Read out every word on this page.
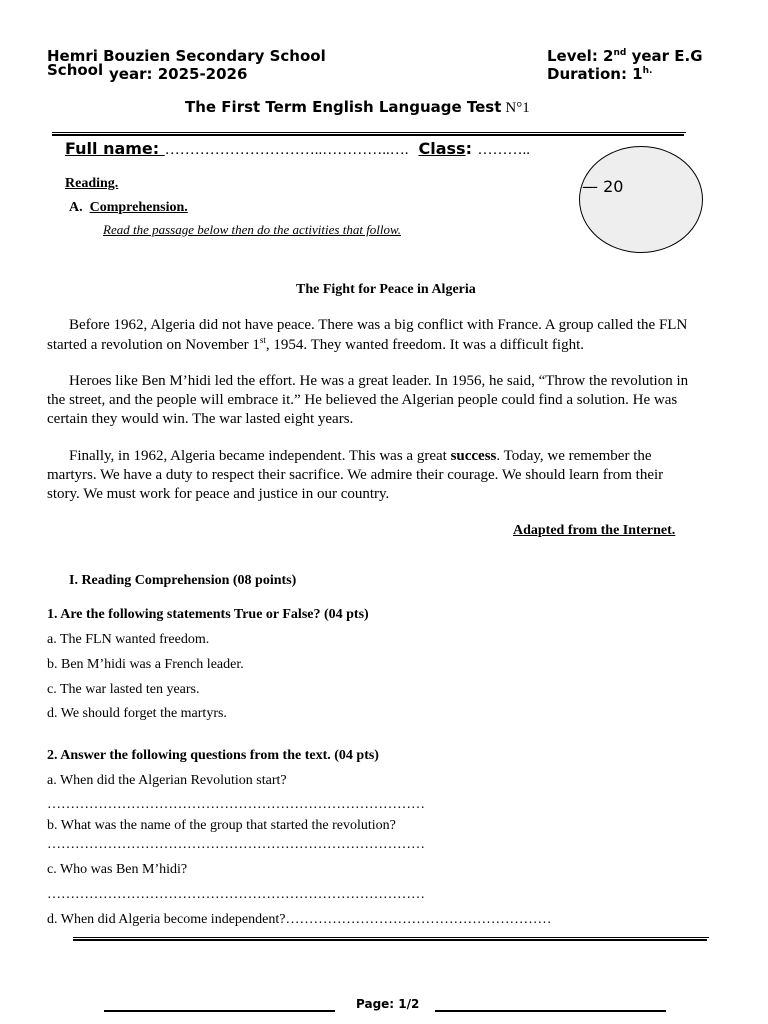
Hemri Bouzien Secondary School
School year: 2025-2026
Level: 2nd year E.G
Duration: $1^{h.}$
The First Term English Language Test N°1
Full name: …………………………..…………..…. Class: ………..
— 20
Reading.
A. Comprehension.
Read the passage below then do the activities that follow.
The Fight for Peace in Algeria
Before 1962, Algeria did not have peace. There was a big conflict with France. A group called the FLN
started a revolution on November 1st, 1954. They wanted freedom. It was a difficult fight.
Heroes like Ben M’hidi led the effort. He was a great leader. In 1956, he said, “Throw the revolution in
the street, and the people will embrace it.” He believed the Algerian people could find a solution. He was
certain they would win. The war lasted eight years.
Finally, in 1962, Algeria became independent. This was a great success. Today, we remember the
martyrs. We have a duty to respect their sacrifice. We admire their courage. We should learn from their
story. We must work for peace and justice in our country.
Adapted from the Internet.
I. Reading Comprehension (08 points)
1. Are the following statements True or False? (04 pts)
a. The FLN wanted freedom.
b. Ben M’hidi was a French leader.
c. The war lasted ten years.
d. We should forget the martyrs.
2. Answer the following questions from the text. (04 pts)
a. When did the Algerian Revolution start?
………………………………………………………………………
b. What was the name of the group that started the revolution?
………………………………………………………………………
c. Who was Ben M’hidi?
………………………………………………………………………
d. When did Algeria become independent?…………………………………………………
Page: 1/2
